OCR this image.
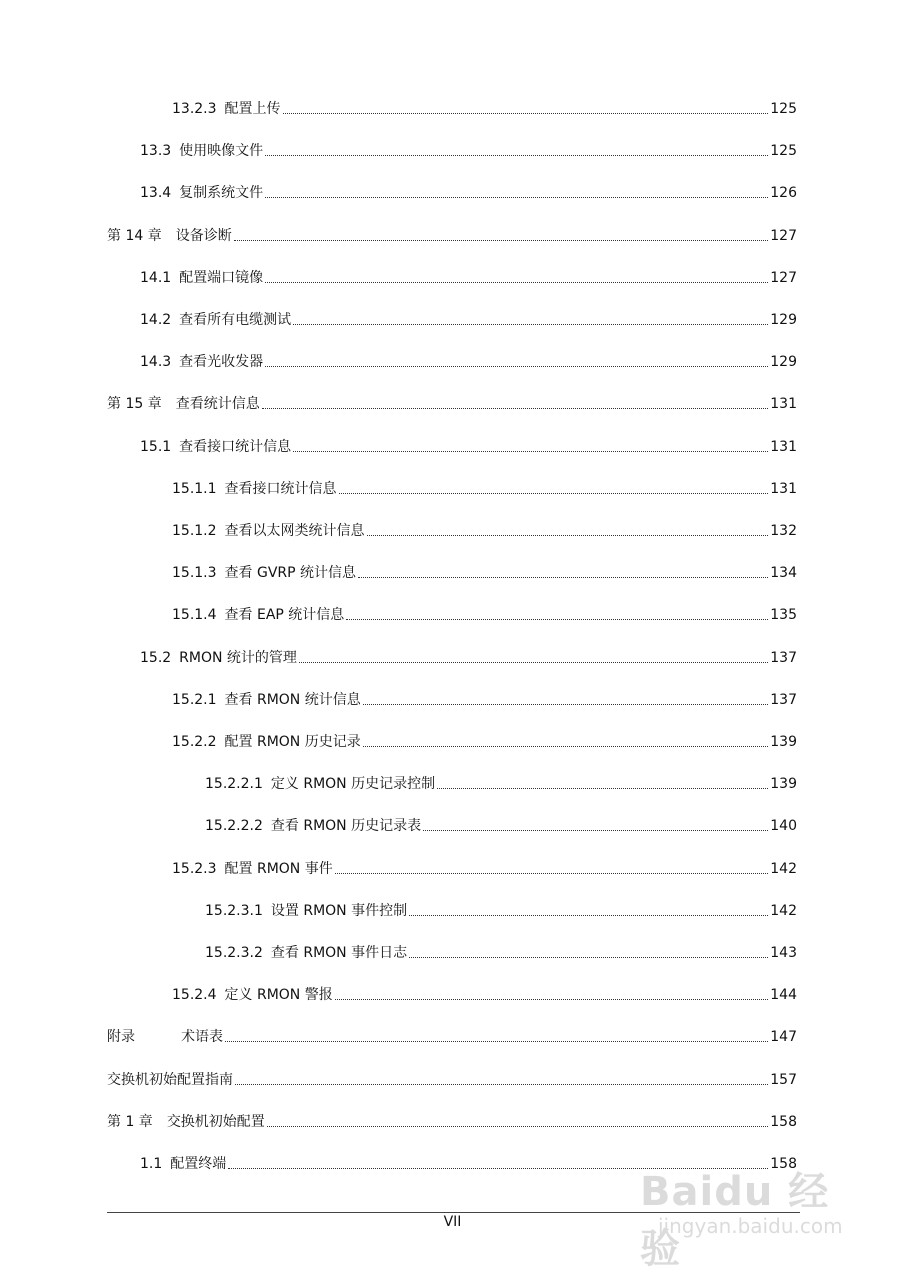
13.2.3 配置上传	125
13.3 使用映像文件	125
13.4 复制系统文件	126
第 14 章 设备诊断	127
14.1 配置端口镜像	127
14.2 查看所有电缆测试	129
14.3 查看光收发器	129
第 15 章 查看统计信息	131
15.1 查看接口统计信息	131
15.1.1 查看接口统计信息	131
15.1.2 查看以太网类统计信息	132
15.1.3 查看 GVRP 统计信息	134
15.1.4 查看 EAP 统计信息	135
15.2 RMON 统计的管理	137
15.2.1 查看 RMON 统计信息	137
15.2.2 配置 RMON 历史记录	139
15.2.2.1 定义 RMON 历史记录控制	139
15.2.2.2 查看 RMON 历史记录表	140
15.2.3 配置 RMON 事件	142
15.2.3.1 设置 RMON 事件控制	142
15.2.3.2 查看 RMON 事件日志	143
15.2.4 定义 RMON 警报	144
附录	术语表	147
交换机初始配置指南	157
第 1 章 交换机初始配置	158
1.1 配置终端	158
VII
Baidu 经验
jingyan.baidu.com
